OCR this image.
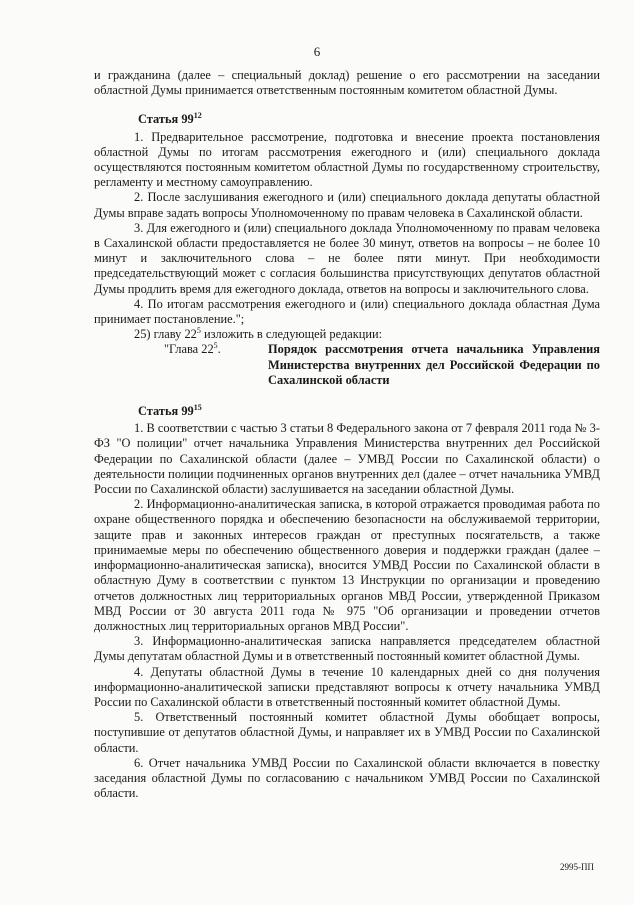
6

и гражданина (далее – специальный доклад) решение о его рассмотрении на заседании областной Думы принимается ответственным постоянным комитетом областной Думы.

Статья $99^{12}$

1. Предварительное рассмотрение, подготовка и внесение проекта постановления областной Думы по итогам рассмотрения ежегодного и (или) специального доклада осуществляются постоянным комитетом областной Думы по государственному строительству, регламенту и местному самоуправлению.

2. После заслушивания ежегодного и (или) специального доклада депутаты областной Думы вправе задать вопросы Уполномоченному по правам человека в Сахалинской области.

3. Для ежегодного и (или) специального доклада Уполномоченному по правам человека в Сахалинской области предоставляется не более 30 минут, ответов на вопросы – не более 10 минут и заключительного слова – не более пяти минут. При необходимости председательствующий может с согласия большинства присутствующих депутатов областной Думы продлить время для ежегодного доклада, ответов на вопросы и заключительного слова.

4. По итогам рассмотрения ежегодного и (или) специального доклада областная Дума принимает постановление.";

25) главу $22^5$ изложить в следующей редакции:

"Глава $22^5$.	Порядок рассмотрения отчета начальника Управления Министерства внутренних дел Российской Федерации по Сахалинской области

Статья $99^{15}$

1. В соответствии с частью 3 статьи 8 Федерального закона от 7 февраля 2011 года № 3-ФЗ "О полиции" отчет начальника Управления Министерства внутренних дел Российской Федерации по Сахалинской области (далее – УМВД России по Сахалинской области) о деятельности полиции подчиненных органов внутренних дел (далее – отчет начальника УМВД России по Сахалинской области) заслушивается на заседании областной Думы.

2. Информационно-аналитическая записка, в которой отражается проводимая работа по охране общественного порядка и обеспечению безопасности на обслуживаемой территории, защите прав и законных интересов граждан от преступных посягательств, а также принимаемые меры по обеспечению общественного доверия и поддержки граждан (далее – информационно-аналитическая записка), вносится УМВД России по Сахалинской области в областную Думу в соответствии с пунктом 13 Инструкции по организации и проведению отчетов должностных лиц территориальных органов МВД России, утвержденной Приказом МВД России от 30 августа 2011 года № 975 "Об организации и проведении отчетов должностных лиц территориальных органов МВД России".

3. Информационно-аналитическая записка направляется председателем областной Думы депутатам областной Думы и в ответственный постоянный комитет областной Думы.

4. Депутаты областной Думы в течение 10 календарных дней со дня получения информационно-аналитической записки представляют вопросы к отчету начальника УМВД России по Сахалинской области в ответственный постоянный комитет областной Думы.

5. Ответственный постоянный комитет областной Думы обобщает вопросы, поступившие от депутатов областной Думы, и направляет их в УМВД России по Сахалинской области.

6. Отчет начальника УМВД России по Сахалинской области включается в повестку заседания областной Думы по согласованию с начальником УМВД России по Сахалинской области.

2995-ПП
